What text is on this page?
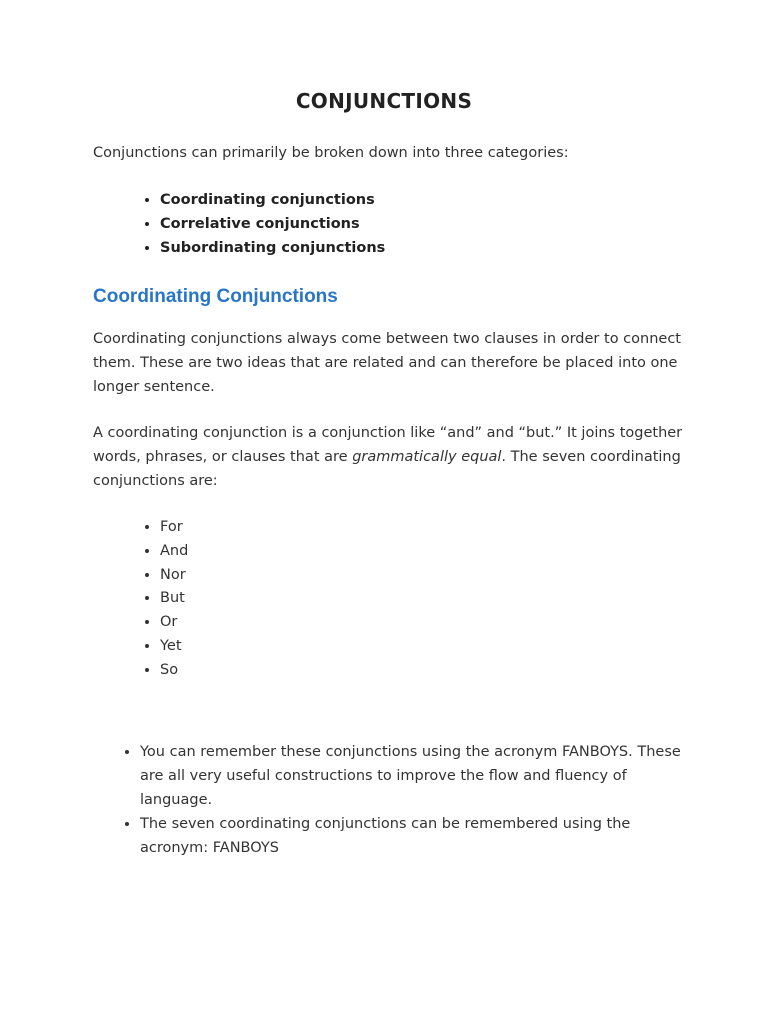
CONJUNCTIONS
Conjunctions can primarily be broken down into three categories:
• Coordinating conjunctions
• Correlative conjunctions
• Subordinating conjunctions
Coordinating Conjunctions
Coordinating conjunctions always come between two clauses in order to connect them. These are two ideas that are related and can therefore be placed into one longer sentence.
A coordinating conjunction is a conjunction like “and” and “but.” It joins together words, phrases, or clauses that are grammatically equal. The seven coordinating conjunctions are:
• For
• And
• Nor
• But
• Or
• Yet
• So
• You can remember these conjunctions using the acronym FANBOYS. These are all very useful constructions to improve the flow and fluency of language.
• The seven coordinating conjunctions can be remembered using the acronym: FANBOYS
